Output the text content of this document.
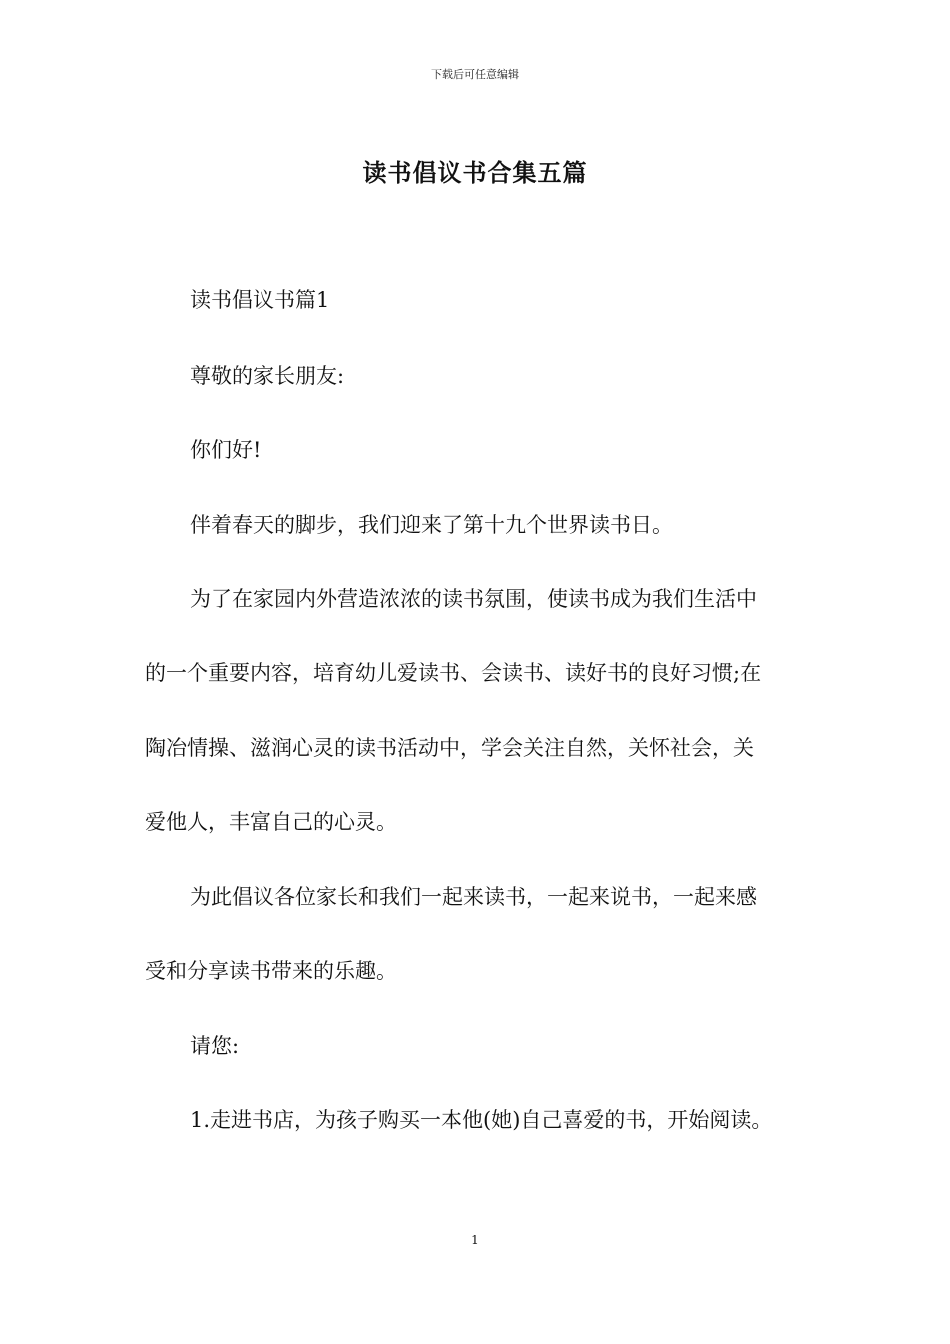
下载后可任意编辑
读书倡议书合集五篇
读书倡议书篇1
尊敬的家长朋友:
你们好!
伴着春天的脚步，我们迎来了第十九个世界读书日。
为了在家园内外营造浓浓的读书氛围，使读书成为我们生活中
的一个重要内容，培育幼儿爱读书、会读书、读好书的良好习惯;在
陶冶情操、滋润心灵的读书活动中，学会关注自然，关怀社会，关
爱他人，丰富自己的心灵。
为此倡议各位家长和我们一起来读书，一起来说书，一起来感
受和分享读书带来的乐趣。
请您:
1.走进书店，为孩子购买一本他(她)自己喜爱的书，开始阅读。
1
